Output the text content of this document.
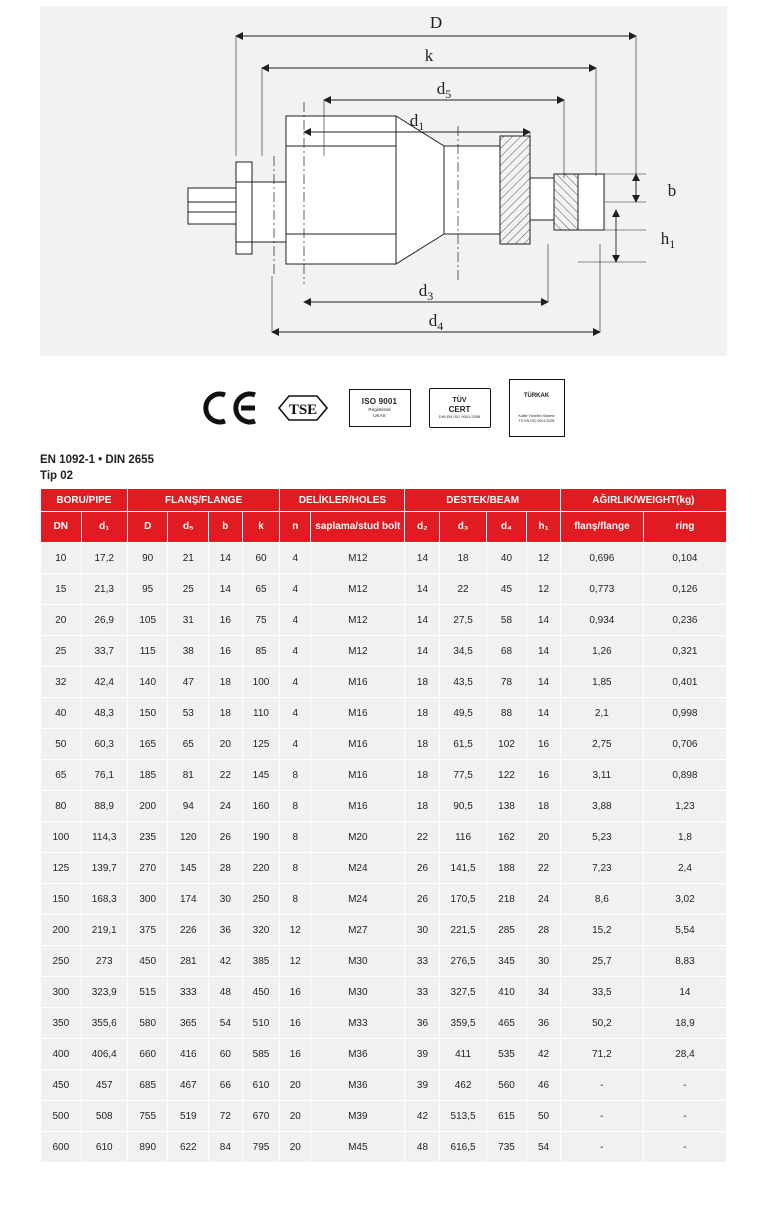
D
k
$d_5$
$d_1$
$d_3$
$d_4$
b
$h_1$
TSE
ISO 9001
Registered
UKAS
TÜV
CERT
DIN EN ISO 9001:2008
TÜRKAK
Kalite Yönetim Sistemi
TS EN ISO 9001:2008
EN 1092-1 • DIN 2655
Tip 02
BORU/PIPE		FLANŞ/FLANGE				DELİKLER/HOLES		DESTEK/BEAM				AĞIRLIK/WEIGHT(kg)	
DN	d₁	D	d₅	b	k	n	saplama/stud bolt	d₂	d₃	d₄	h₁	flanş/flange	ring
10	17,2	90	21	14	60	4	M12	14	18	40	12	0,696	0,104
15	21,3	95	25	14	65	4	M12	14	22	45	12	0,773	0,126
20	26,9	105	31	16	75	4	M12	14	27,5	58	14	0,934	0,236
25	33,7	115	38	16	85	4	M12	14	34,5	68	14	1,26	0,321
32	42,4	140	47	18	100	4	M16	18	43,5	78	14	1,85	0,401
40	48,3	150	53	18	110	4	M16	18	49,5	88	14	2,1	0,998
50	60,3	165	65	20	125	4	M16	18	61,5	102	16	2,75	0,706
65	76,1	185	81	22	145	8	M16	18	77,5	122	16	3,11	0,898
80	88,9	200	94	24	160	8	M16	18	90,5	138	18	3,88	1,23
100	114,3	235	120	26	190	8	M20	22	116	162	20	5,23	1,8
125	139,7	270	145	28	220	8	M24	26	141,5	188	22	7,23	2,4
150	168,3	300	174	30	250	8	M24	26	170,5	218	24	8,6	3,02
200	219,1	375	226	36	320	12	M27	30	221,5	285	28	15,2	5,54
250	273	450	281	42	385	12	M30	33	276,5	345	30	25,7	8,83
300	323,9	515	333	48	450	16	M30	33	327,5	410	34	33,5	14
350	355,6	580	365	54	510	16	M33	36	359,5	465	36	50,2	18,9
400	406,4	660	416	60	585	16	M36	39	411	535	42	71,2	28,4
450	457	685	467	66	610	20	M36	39	462	560	46	-	-
500	508	755	519	72	670	20	M39	42	513,5	615	50	-	-
600	610	890	622	84	795	20	M45	48	616,5	735	54	-	-
